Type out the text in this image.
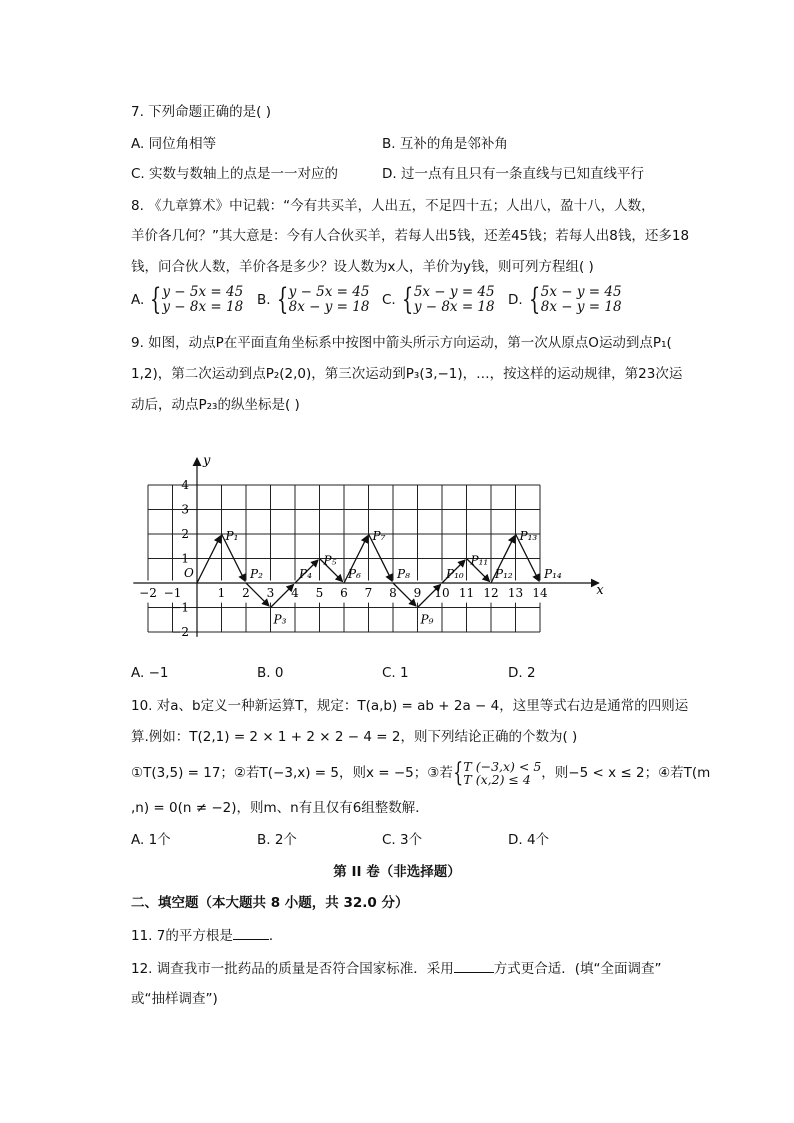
7. 下列命题正确的是( )
A. 同位角相等	B. 互补的角是邻补角
C. 实数与数轴上的点是一一对应的	D. 过一点有且只有一条直线与已知直线平行
8. 《九章算术》中记载：“今有共买羊，人出五，不足四十五；人出八，盈十八，人数，
羊价各几何？”其大意是：今有人合伙买羊，若每人出5钱，还差45钱；若每人出8钱，还多18
钱，问合伙人数，羊价各是多少？设人数为x人，羊价为y钱，则可列方程组( )
A. { y − 5x = 45
y − 8x = 18 B. { y − 5x = 45
8x − y = 18 C. { 5x − y = 45
y − 8x = 18 D. { 5x − y = 45
8x − y = 18
9. 如图，动点P在平面直角坐标系中按图中箭头所示方向运动，第一次从原点O运动到点P₁(
1,2)，第二次运动到点P₂(2,0)，第三次运动到P₃(3,−1)，…，按这样的运动规律，第23次运
动后，动点P₂₃的纵坐标是( )
x
y
O
−2 −1	1 2 3 4 5 6 7 8 9 10 11 12 13 14
4
3
2
1
−1
−2
P₁
P₂
P₃
P₄
P₅
P₆
P₇
P₈
P₉
P₁₀
P₁₁
P₁₂
P₁₃
P₁₄
A. −1	B. 0	C. 1	D. 2
10. 对a、b定义一种新运算T，规定：T(a,b) = ab + 2a − 4，这里等式右边是通常的四则运
算.例如：T(2,1) = 2 × 1 + 2 × 2 − 4 = 2，则下列结论正确的个数为( )
①T(3,5) = 17；②若T(−3,x) = 5，则x = −5；③若 { T (−3,x) < 5
T (x,2) ≤ 4 ，则−5 < x ≤ 2；④若T(m
,n) = 0(n ≠ −2)，则m、n有且仅有6组整数解．
A. 1个	B. 2个	C. 3个	D. 4个
第 II 卷（非选择题）
二、填空题（本大题共 8 小题，共 32.0 分）
11. 7的平方根是	．
12. 调查我市一批药品的质量是否符合国家标准．采用	方式更合适．(填“全面调查”
或“抽样调查”)
